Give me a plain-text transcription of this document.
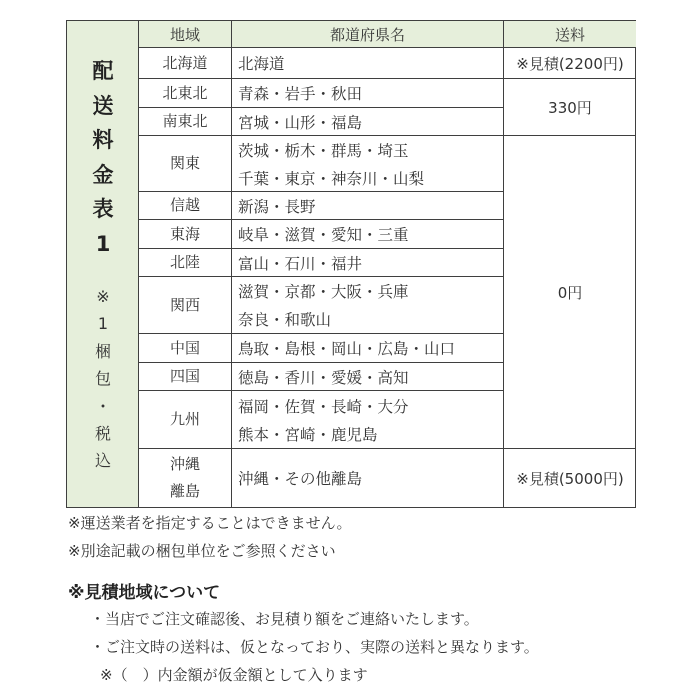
配
送
料
金
表
1
※
1
梱
包
・
税
込
地域	都道府県名	送料
北海道
北東北
南東北
関東
信越
東海
北陸
関西
中国
四国
九州
沖縄
離島
北海道
青森・岩手・秋田
宮城・山形・福島
茨城・栃木・群馬・埼玉
千葉・東京・神奈川・山梨
新潟・長野
岐阜・滋賀・愛知・三重
富山・石川・福井
滋賀・京都・大阪・兵庫
奈良・和歌山
鳥取・島根・岡山・広島・山口
徳島・香川・愛媛・高知
福岡・佐賀・長崎・大分
熊本・宮崎・鹿児島
沖縄・その他離島
※見積(2200円)
330円
0円
※見積(5000円)
※運送業者を指定することはできません。
※別途記載の梱包単位をご参照ください
※見積地域について
・当店でご注文確認後、お見積り額をご連絡いたします。
・ご注文時の送料は、仮となっており、実際の送料と異なります。
※（　）内金額が仮金額として入ります
